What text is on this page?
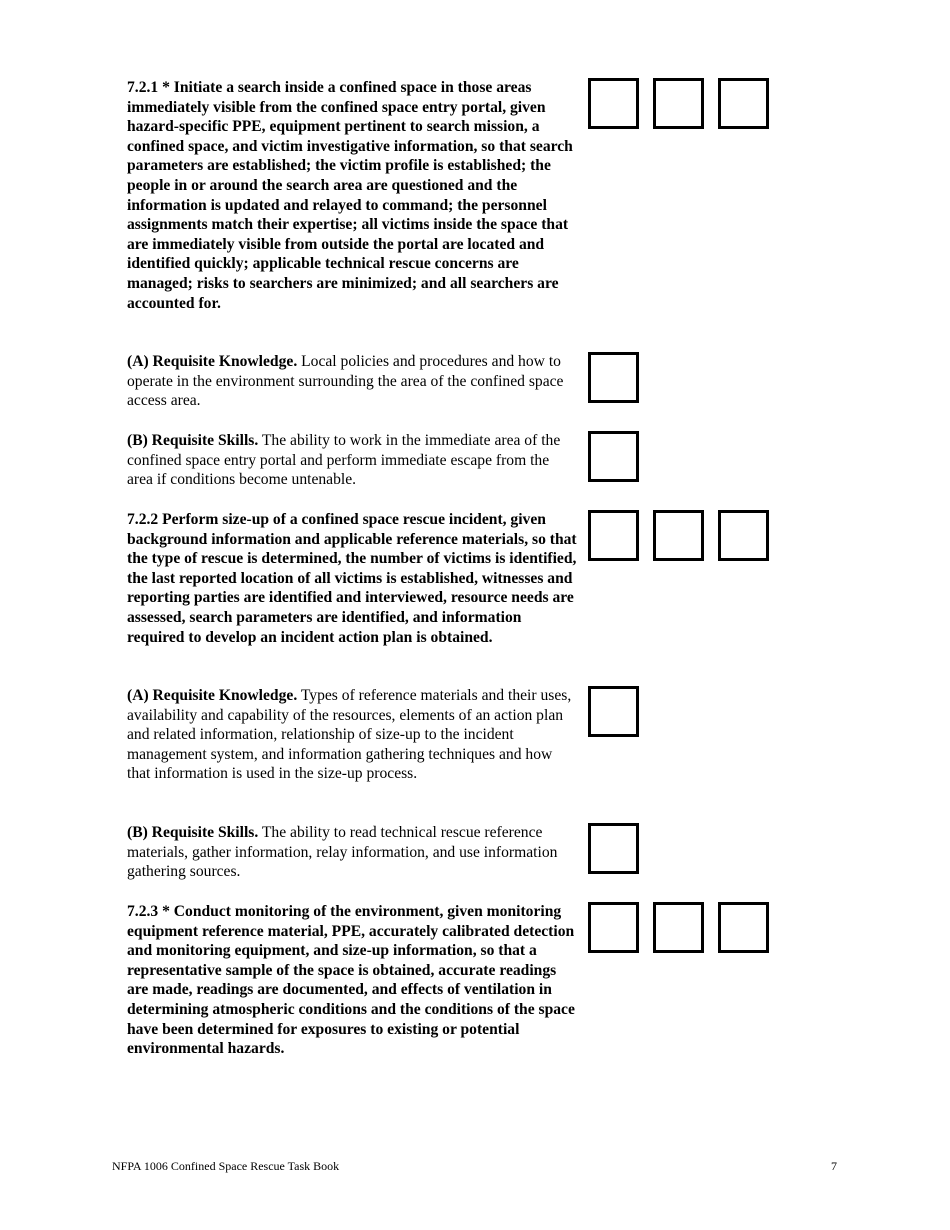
7.2.1 * Initiate a search inside a confined space in those areas immediately visible from the confined space entry portal, given hazard-specific PPE, equipment pertinent to search mission, a confined space, and victim investigative information, so that search parameters are established; the victim profile is established; the people in or around the search area are questioned and the information is updated and relayed to command; the personnel assignments match their expertise; all victims inside the space that are immediately visible from outside the portal are located and identified quickly; applicable technical rescue concerns are managed; risks to searchers are minimized; and all searchers are accounted for.
(A) Requisite Knowledge. Local policies and procedures and how to operate in the environment surrounding the area of the confined space access area.
(B) Requisite Skills. The ability to work in the immediate area of the confined space entry portal and perform immediate escape from the area if conditions become untenable.
7.2.2 Perform size-up of a confined space rescue incident, given background information and applicable reference materials, so that the type of rescue is determined, the number of victims is identified, the last reported location of all victims is established, witnesses and reporting parties are identified and interviewed, resource needs are assessed, search parameters are identified, and information required to develop an incident action plan is obtained.
(A) Requisite Knowledge. Types of reference materials and their uses, availability and capability of the resources, elements of an action plan and related information, relationship of size-up to the incident management system, and information gathering techniques and how that information is used in the size-up process.
(B) Requisite Skills. The ability to read technical rescue reference materials, gather information, relay information, and use information gathering sources.
7.2.3 * Conduct monitoring of the environment, given monitoring equipment reference material, PPE, accurately calibrated detection and monitoring equipment, and size-up information, so that a representative sample of the space is obtained, accurate readings are made, readings are documented, and effects of ventilation in determining atmospheric conditions and the conditions of the space have been determined for exposures to existing or potential environmental hazards.
NFPA 1006 Confined Space Rescue Task Book	7
